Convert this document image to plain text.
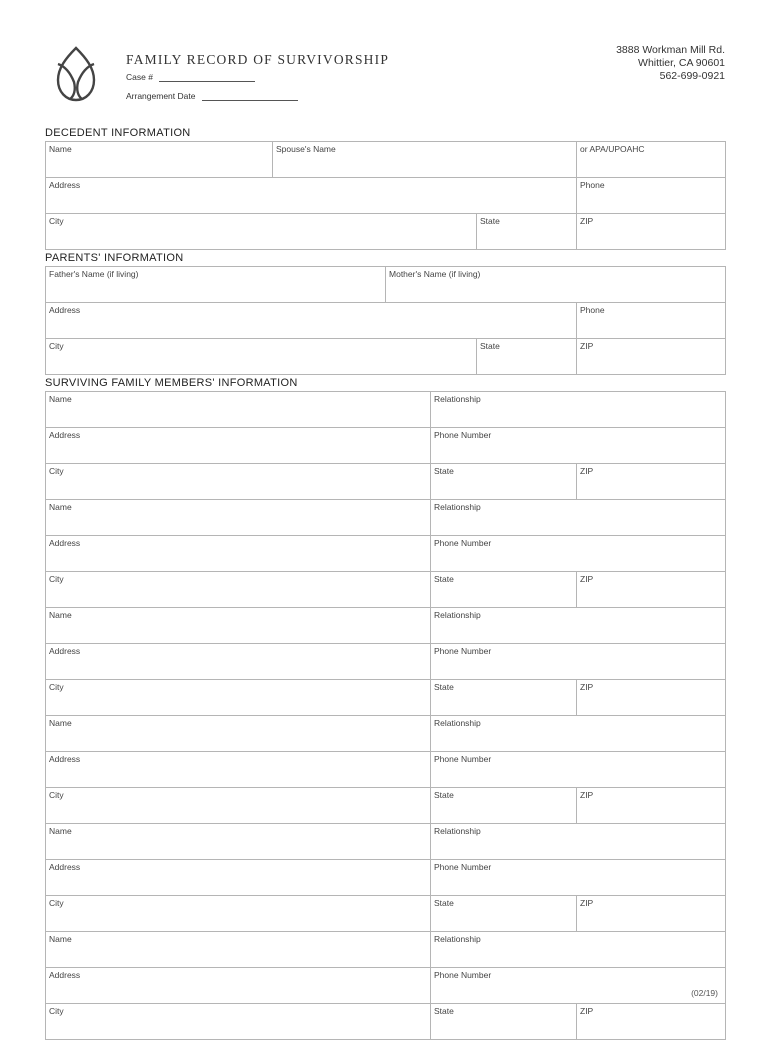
FAMILY RECORD OF SURVIVORSHIP
Case #
Arrangement Date
3888 Workman Mill Rd.
Whittier, CA 90601
562-699-0921
DECEDENT INFORMATION
Name	Spouse's Name		or APA/UPOAHC
Address			Phone
City		State	ZIP
PARENTS' INFORMATION
Father's Name (if living)	Mother's Name (if living)		
Address			Phone
City		State	ZIP
SURVIVING FAMILY MEMBERS' INFORMATION
Name	Relationship	
Address	Phone Number	
City	State	ZIP
Name	Relationship	
Address	Phone Number	
City	State	ZIP
Name	Relationship	
Address	Phone Number	
City	State	ZIP
Name	Relationship	
Address	Phone Number	
City	State	ZIP
Name	Relationship	
Address	Phone Number	
City	State	ZIP
Name	Relationship	
Address	Phone Number	
City	State	ZIP
(02/19)
